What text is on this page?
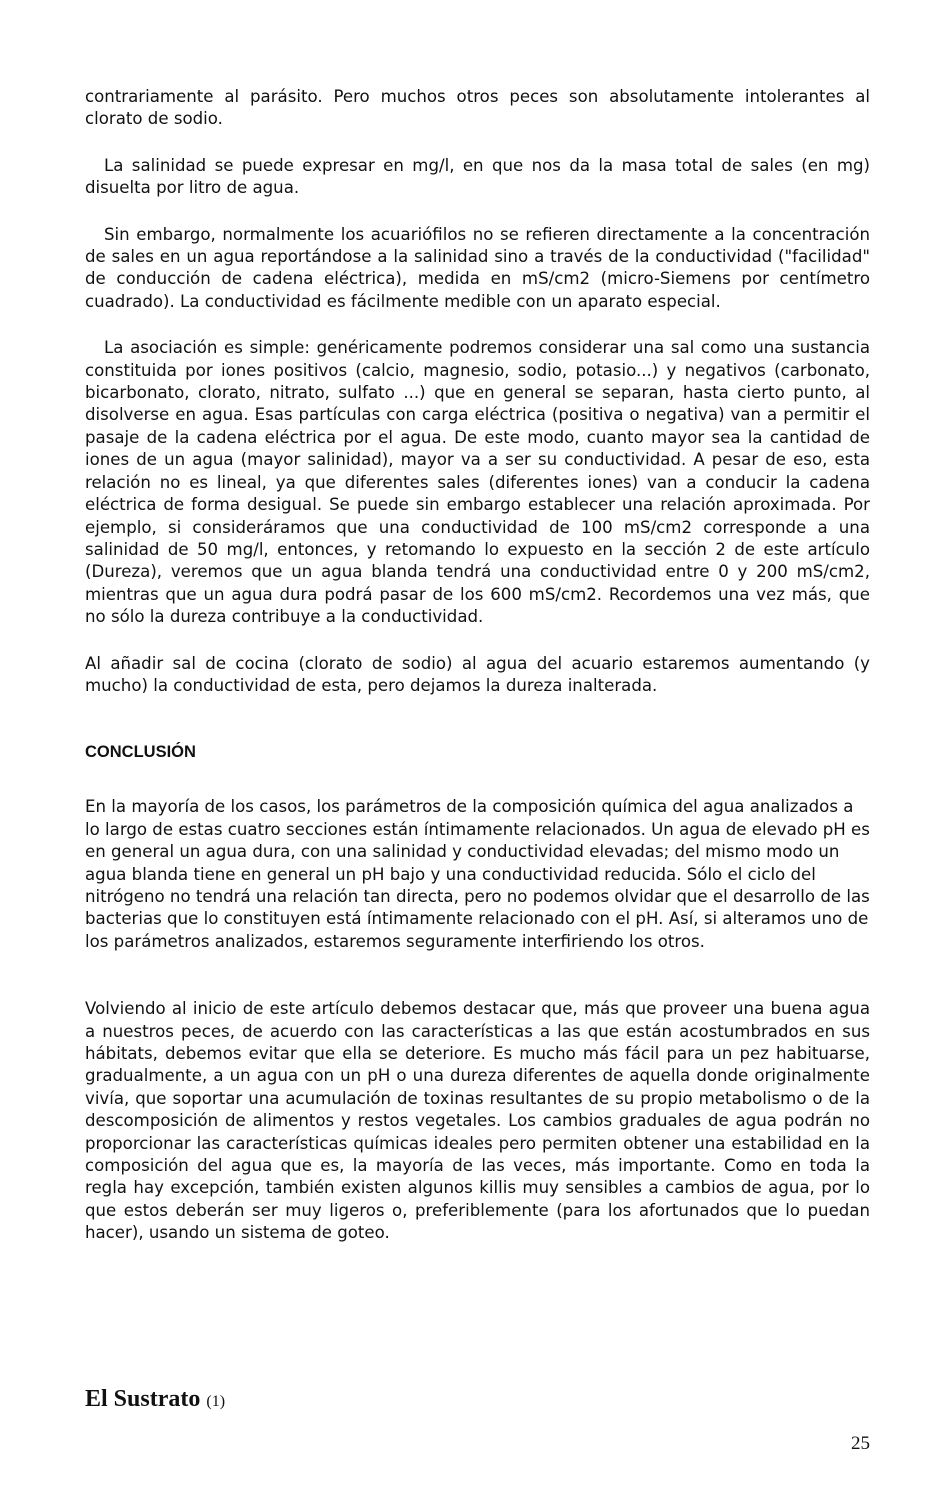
contrariamente al parásito. Pero muchos otros peces son absolutamente intolerantes al clorato de sodio.

La salinidad se puede expresar en mg/l, en que nos da la masa total de sales (en mg) disuelta por litro de agua.

Sin embargo, normalmente los acuariófilos no se refieren directamente a la concentración de sales en un agua reportándose a la salinidad sino a través de la conductividad ("facilidad" de conducción de cadena eléctrica), medida en mS/cm2 (micro-Siemens por centímetro cuadrado). La conductividad es fácilmente medible con un aparato especial.

La asociación es simple: genéricamente podremos considerar una sal como una sustancia constituida por iones positivos (calcio, magnesio, sodio, potasio...) y negativos (carbonato, bicarbonato, clorato, nitrato, sulfato ...) que en general se separan, hasta cierto punto, al disolverse en agua. Esas partículas con carga eléctrica (positiva o negativa) van a permitir el pasaje de la cadena eléctrica por el agua. De este modo, cuanto mayor sea la cantidad de iones de un agua (mayor salinidad), mayor va a ser su conductividad. A pesar de eso, esta relación no es lineal, ya que diferentes sales (diferentes iones) van a conducir la cadena eléctrica de forma desigual. Se puede sin embargo establecer una relación aproximada. Por ejemplo, si consideráramos que una conductividad de 100 mS/cm2 corresponde a una salinidad de 50 mg/l, entonces, y retomando lo expuesto en la sección 2 de este artículo (Dureza), veremos que un agua blanda tendrá una conductividad entre 0 y 200 mS/cm2, mientras que un agua dura podrá pasar de los 600 mS/cm2. Recordemos una vez más, que no sólo la dureza contribuye a la conductividad.

Al añadir sal de cocina (clorato de sodio) al agua del acuario estaremos aumentando (y mucho) la conductividad de esta, pero dejamos la dureza inalterada.

CONCLUSIÓN

En la mayoría de los casos, los parámetros de la composición química del agua analizados a lo largo de estas cuatro secciones están íntimamente relacionados. Un agua de elevado pH es en general un agua dura, con una salinidad y conductividad elevadas; del mismo modo un agua blanda tiene en general un pH bajo y una conductividad reducida. Sólo el ciclo del nitrógeno no tendrá una relación tan directa, pero no podemos olvidar que el desarrollo de las bacterias que lo constituyen está íntimamente relacionado con el pH. Así, si alteramos uno de los parámetros analizados, estaremos seguramente interfiriendo los otros.

Volviendo al inicio de este artículo debemos destacar que, más que proveer una buena agua a nuestros peces, de acuerdo con las características a las que están acostumbrados en sus hábitats, debemos evitar que ella se deteriore. Es mucho más fácil para un pez habituarse, gradualmente, a un agua con un pH o una dureza diferentes de aquella donde originalmente vivía, que soportar una acumulación de toxinas resultantes de su propio metabolismo o de la descomposición de alimentos y restos vegetales. Los cambios graduales de agua podrán no proporcionar las características químicas ideales pero permiten obtener una estabilidad en la composición del agua que es, la mayoría de las veces, más importante. Como en toda la regla hay excepción, también existen algunos killis muy sensibles a cambios de agua, por lo que estos deberán ser muy ligeros o, preferiblemente (para los afortunados que lo puedan hacer), usando un sistema de goteo.

El Sustrato (1)

25
